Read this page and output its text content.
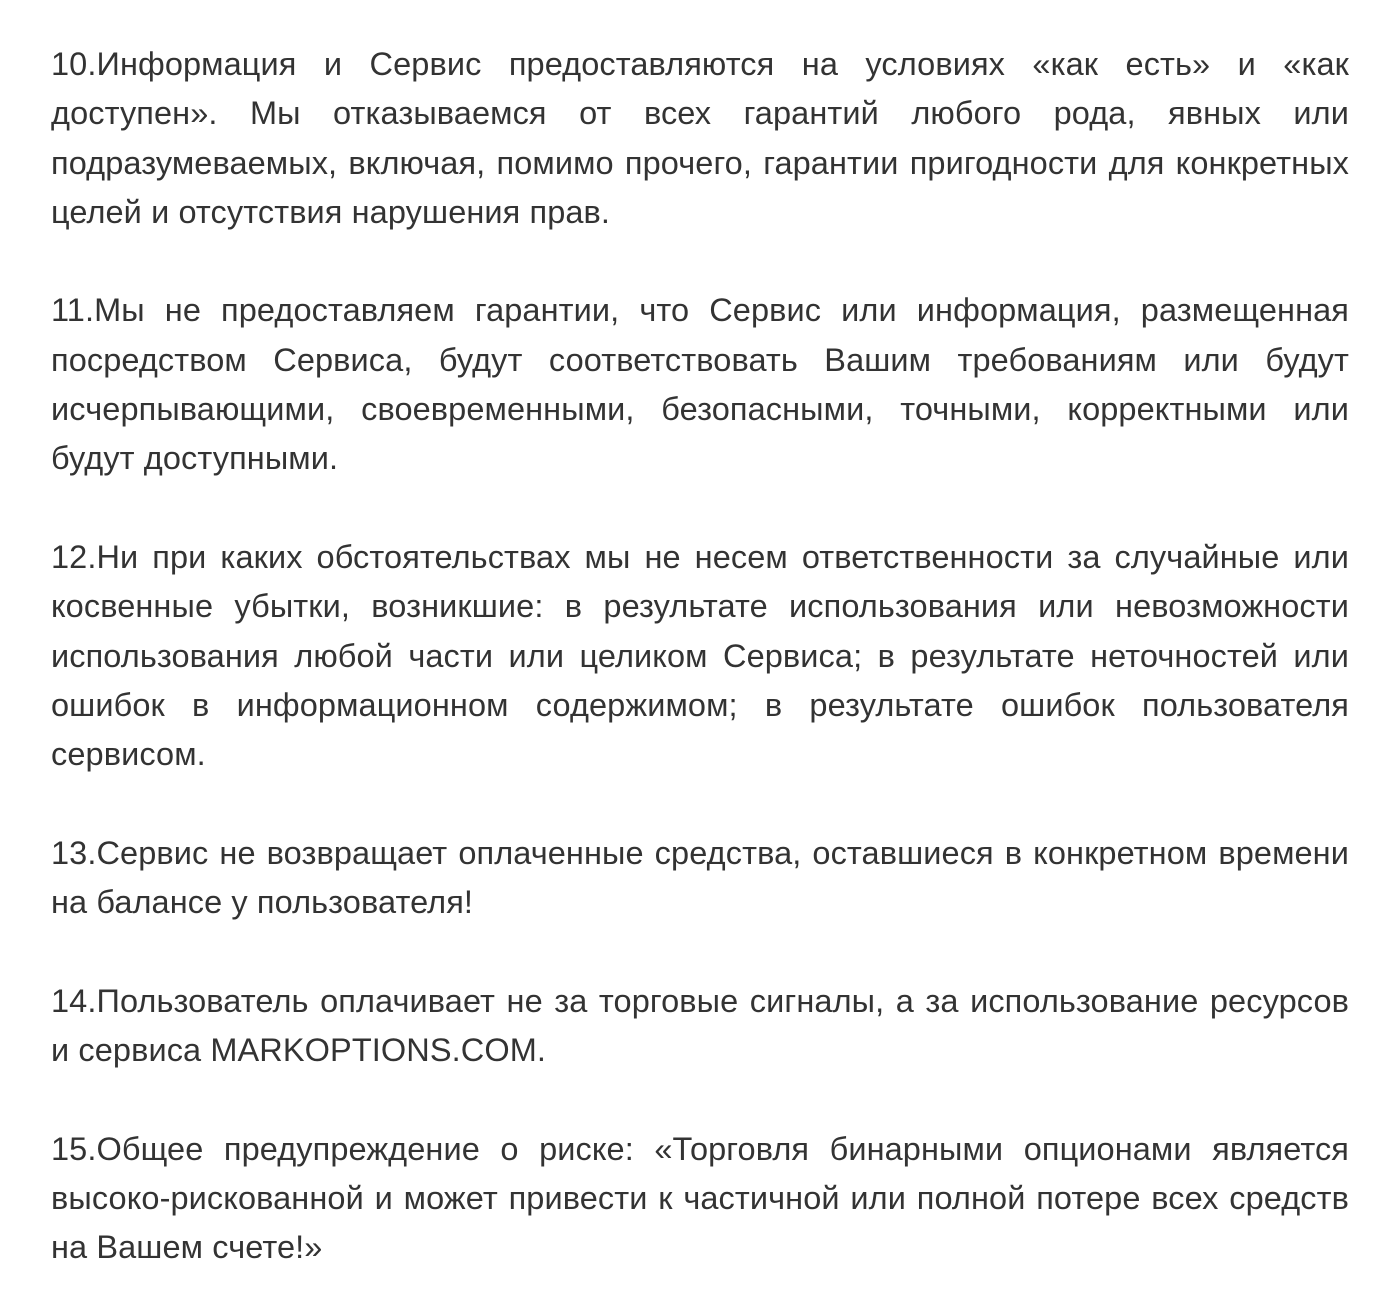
10.Информация и Сервис предоставляются на условиях «как есть» и «как доступен». Мы отказываемся от всех гарантий любого рода, явных или подразумеваемых, включая, помимо прочего, гарантии пригодности для конкретных целей и отсутствия нарушения прав.

11.Мы не предоставляем гарантии, что Сервис или информация, размещенная посредством Сервиса, будут соответствовать Вашим требованиям или будут исчерпывающими, своевременными, безопасными, точными, корректными или будут доступными.

12.Ни при каких обстоятельствах мы не несем ответственности за случайные или косвенные убытки, возникшие: в результате использования или невозможности использования любой части или целиком Сервиса; в результате неточностей или ошибок в информационном содержимом; в результате ошибок пользователя сервисом.

13.Сервис не возвращает оплаченные средства, оставшиеся в конкретном времени на балансе у пользователя!

14.Пользователь оплачивает не за торговые сигналы, а за использование ресурсов и сервиса MARKOPTIONS.COM.

15.Общее предупреждение о риске: «Торговля бинарными опционами является высоко-рискованной и может привести к частичной или полной потере всех средств на Вашем счете!»
